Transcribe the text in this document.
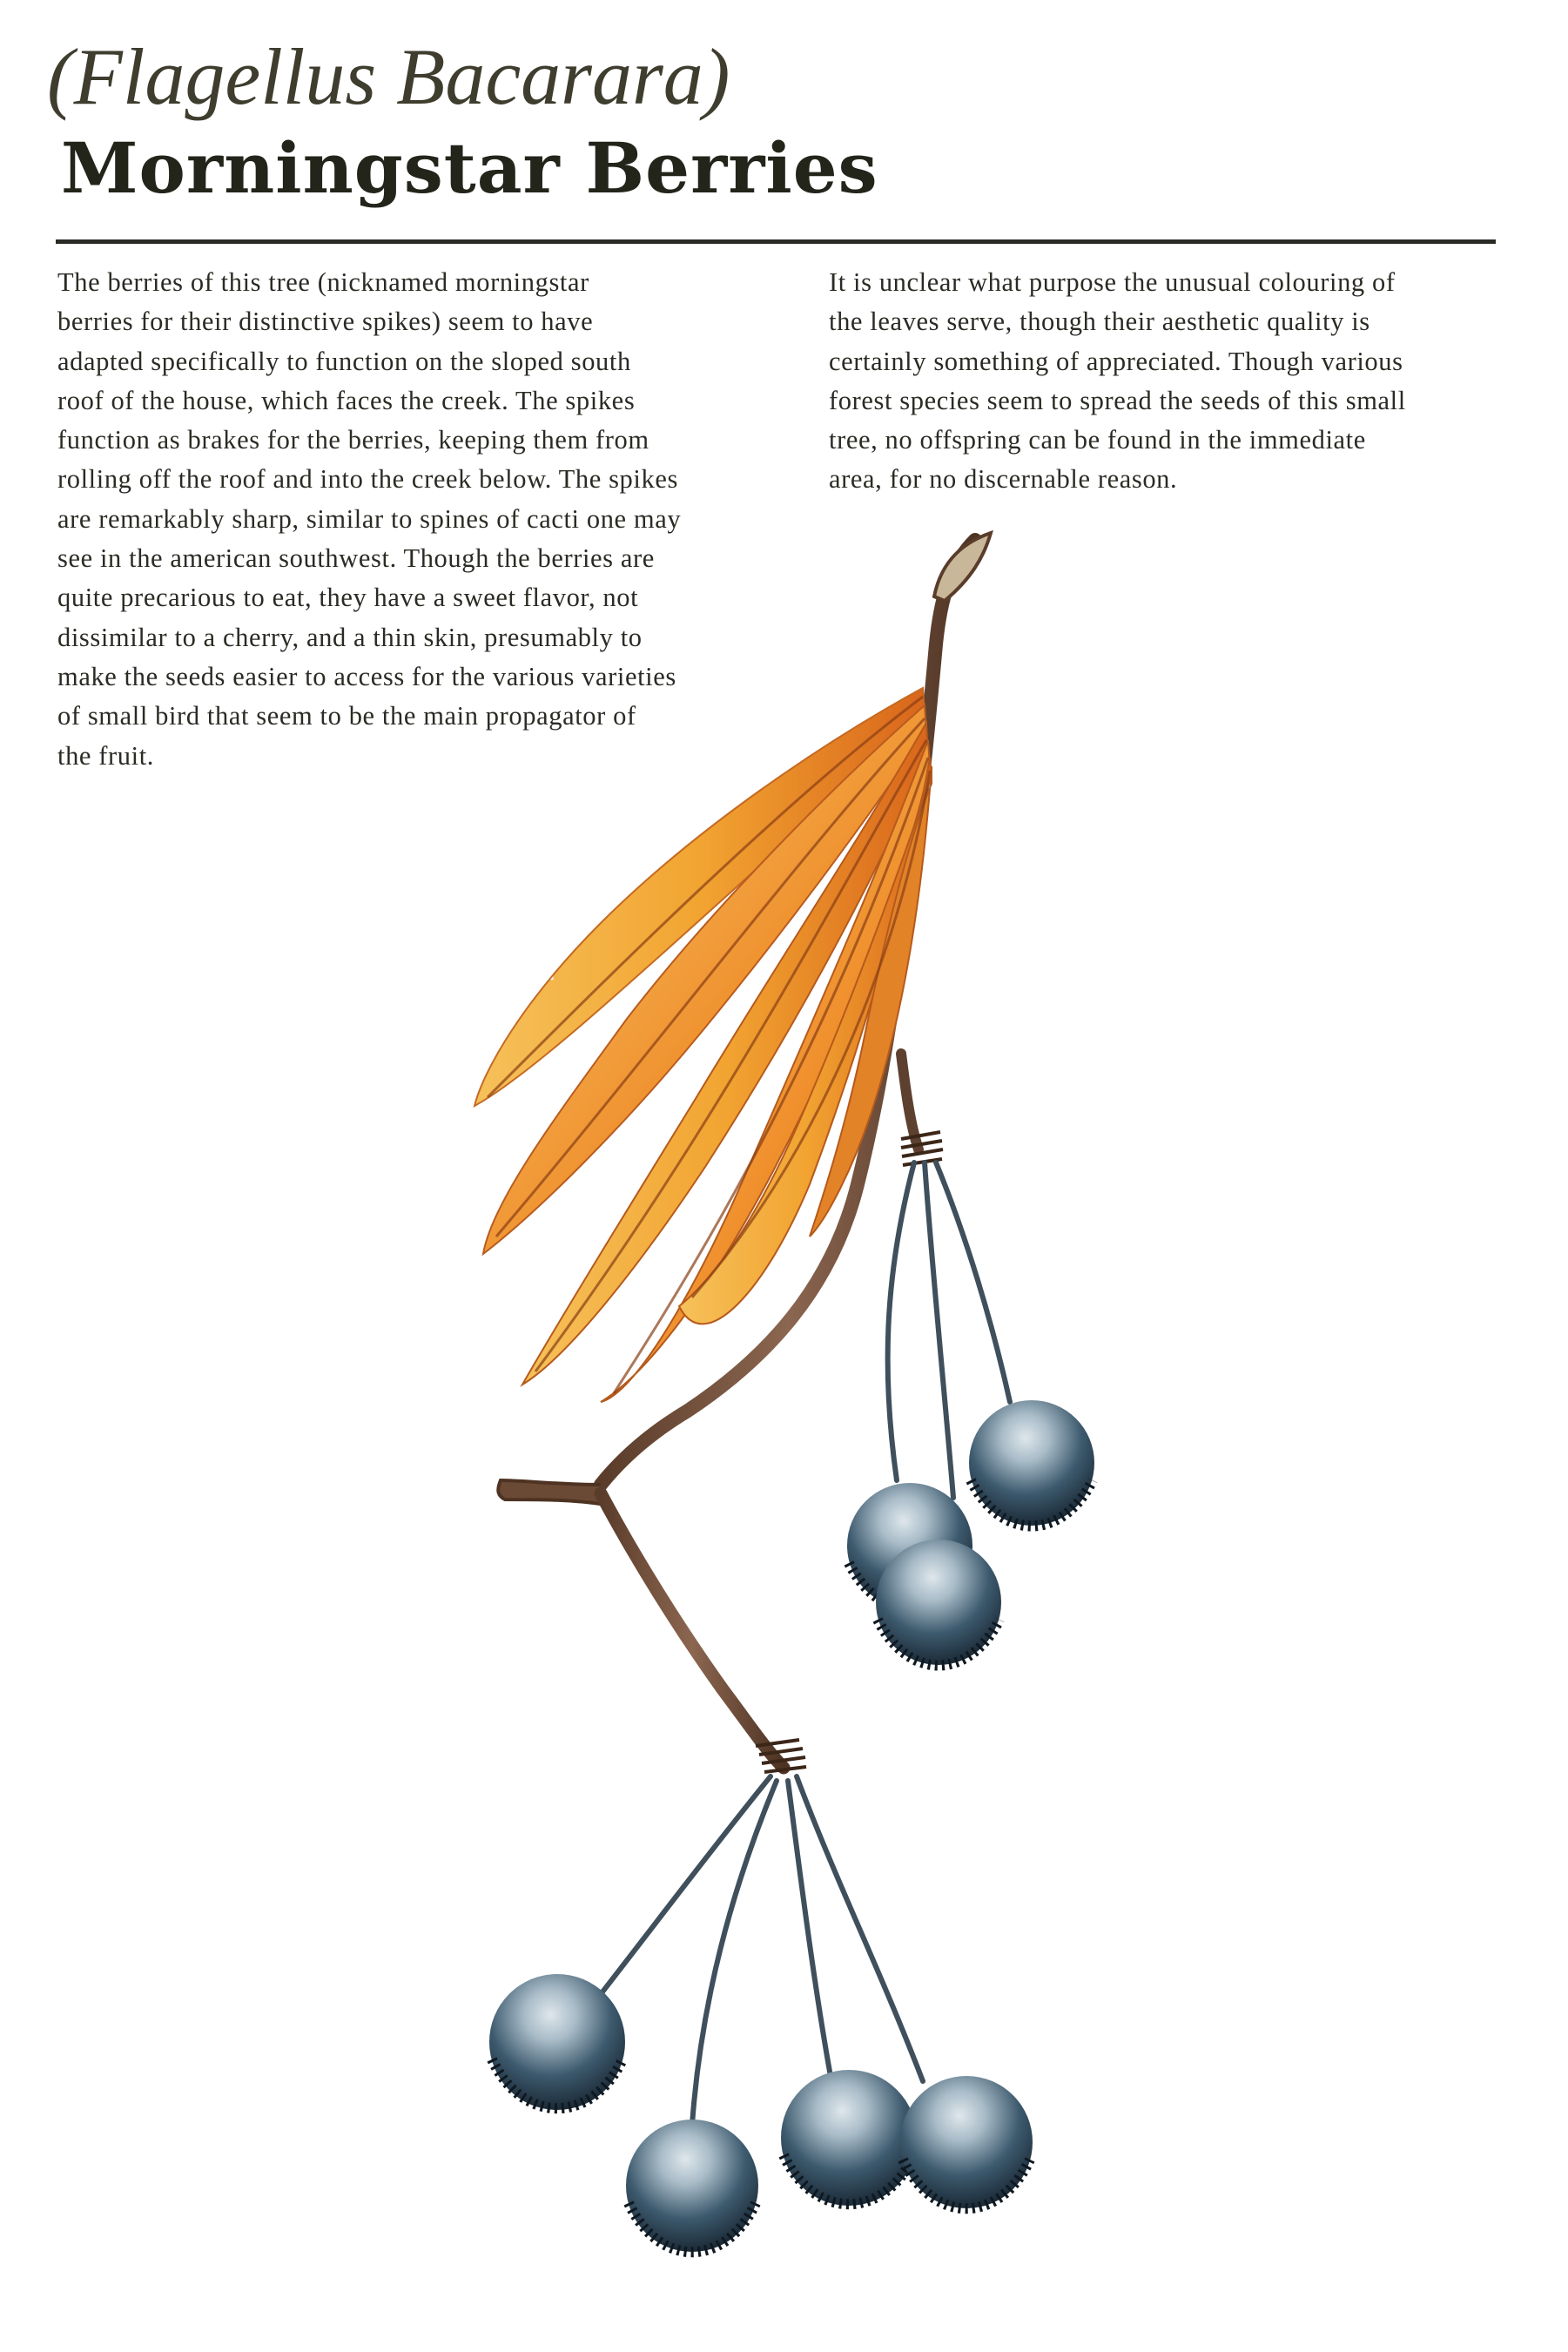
(Flagellus Bacarara)
Morningstar Berries
The berries of this tree (nicknamed morningstar
berries for their distinctive spikes) seem to have
adapted specifically to function on the sloped south
roof of the house, which faces the creek. The spikes
function as brakes for the berries, keeping them from
rolling off the roof and into the creek below. The spikes
are remarkably sharp, similar to spines of cacti one may
see in the american southwest. Though the berries are
quite precarious to eat, they have a sweet flavor, not
dissimilar to a cherry, and a thin skin, presumably to
make the seeds easier to access for the various varieties
of small bird that seem to be the main propagator of
the fruit.
It is unclear what purpose the unusual colouring of
the leaves serve, though their aesthetic quality is
certainly something of appreciated. Though various
forest species seem to spread the seeds of this small
tree, no offspring can be found in the immediate
area, for no discernable reason.
